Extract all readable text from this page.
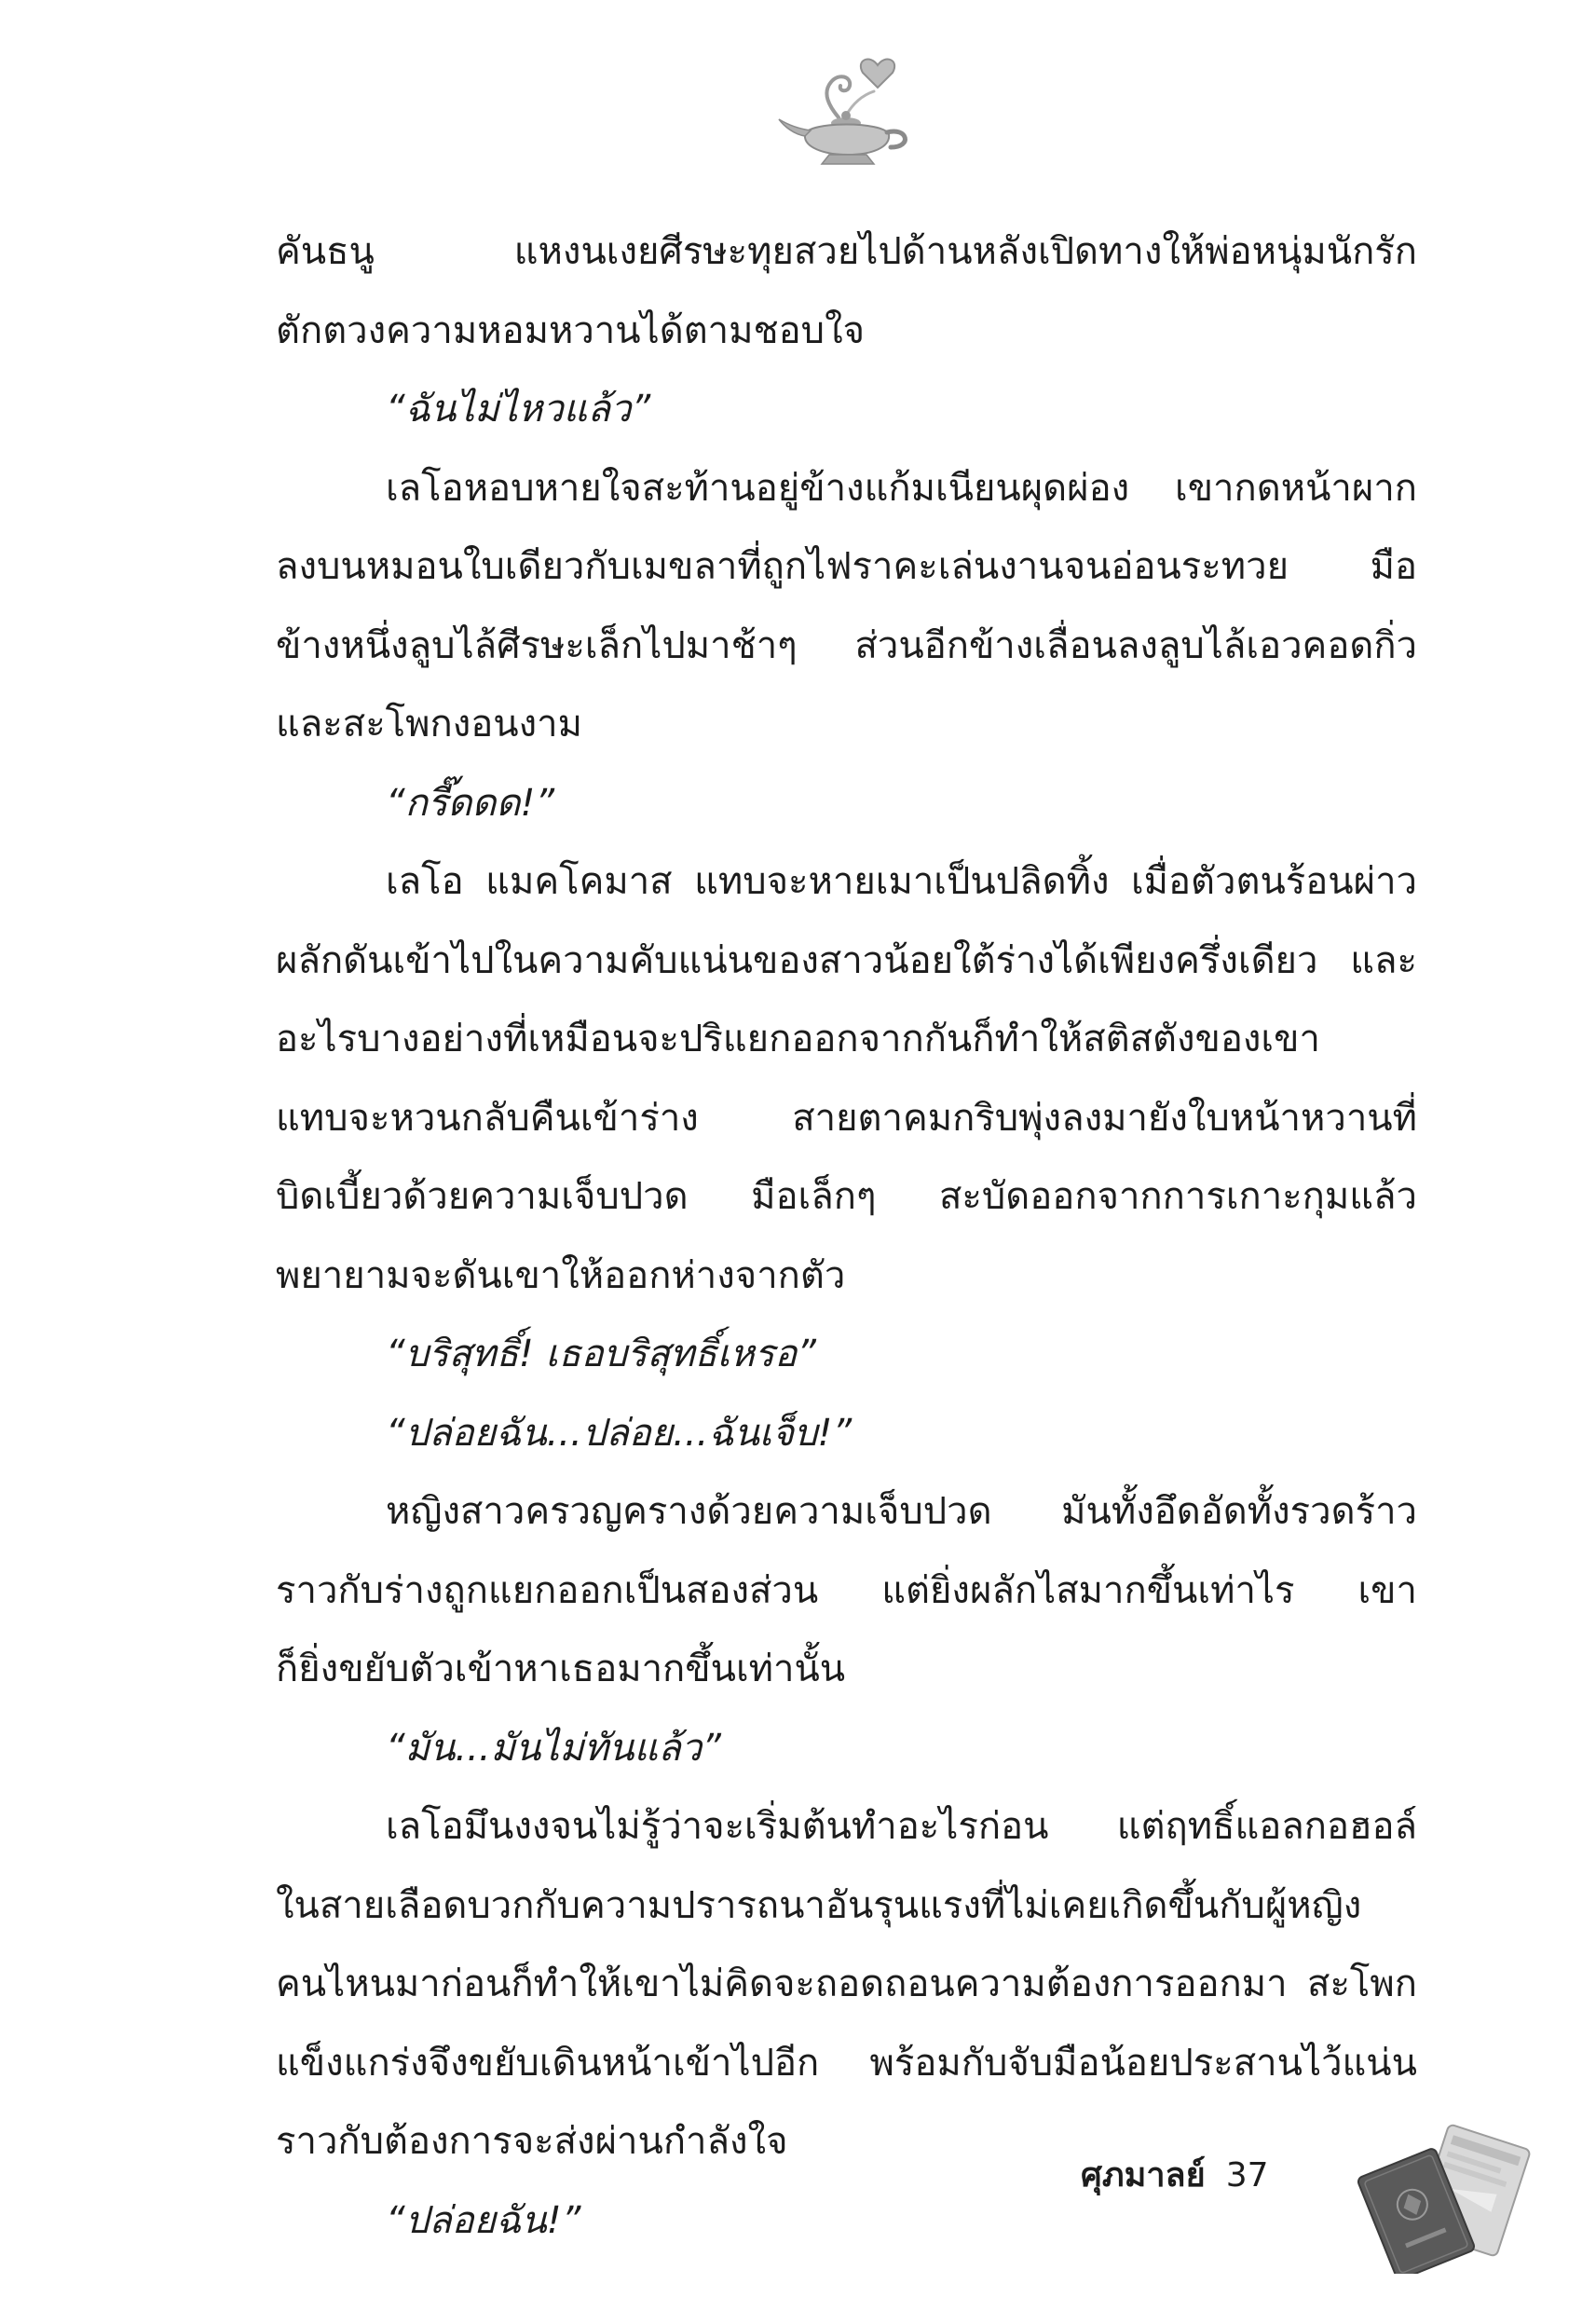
คันธนู แหงนเงยศีรษะทุยสวยไปด้านหลังเปิดทางให้พ่อหนุ่มนักรัก
ตักตวงความหอมหวานได้ตามชอบใจ
“ฉันไม่ไหวแล้ว”
เลโอหอบหายใจสะท้านอยู่ข้างแก้มเนียนผุดผ่อง เขากดหน้าผาก
ลงบนหมอนใบเดียวกับเมขลาที่ถูกไฟราคะเล่นงานจนอ่อนระทวย มือ
ข้างหนึ่งลูบไล้ศีรษะเล็กไปมาช้าๆ ส่วนอีกข้างเลื่อนลงลูบไล้เอวคอดกิ่ว
และสะโพกงอนงาม
“กรี๊ดดด!”
เลโอ แมคโคมาส แทบจะหายเมาเป็นปลิดทิ้ง เมื่อตัวตนร้อนผ่าว
ผลักดันเข้าไปในความคับแน่นของสาวน้อยใต้ร่างได้เพียงครึ่งเดียว และ
อะไรบางอย่างที่เหมือนจะปริแยกออกจากกันก็ทำให้สติสตังของเขา
แทบจะหวนกลับคืนเข้าร่าง สายตาคมกริบพุ่งลงมายังใบหน้าหวานที่
บิดเบี้ยวด้วยความเจ็บปวด มือเล็กๆ สะบัดออกจากการเกาะกุมแล้ว
พยายามจะดันเขาให้ออกห่างจากตัว
“บริสุทธิ์! เธอบริสุทธิ์เหรอ”
“ปล่อยฉัน...ปล่อย...ฉันเจ็บ!”
หญิงสาวครวญครางด้วยความเจ็บปวด มันทั้งอึดอัดทั้งรวดร้าว
ราวกับร่างถูกแยกออกเป็นสองส่วน แต่ยิ่งผลักไสมากขึ้นเท่าไร เขา
ก็ยิ่งขยับตัวเข้าหาเธอมากขึ้นเท่านั้น
“มัน...มันไม่ทันแล้ว”
เลโอมึนงงจนไม่รู้ว่าจะเริ่มต้นทำอะไรก่อน แต่ฤทธิ์แอลกอฮอล์
ในสายเลือดบวกกับความปรารถนาอันรุนแรงที่ไม่เคยเกิดขึ้นกับผู้หญิง
คนไหนมาก่อนก็ทำให้เขาไม่คิดจะถอดถอนความต้องการออกมา สะโพก
แข็งแกร่งจึงขยับเดินหน้าเข้าไปอีก พร้อมกับจับมือน้อยประสานไว้แน่น
ราวกับต้องการจะส่งผ่านกำลังใจ
“ปล่อยฉัน!”
ศุภมาลย์ 37
